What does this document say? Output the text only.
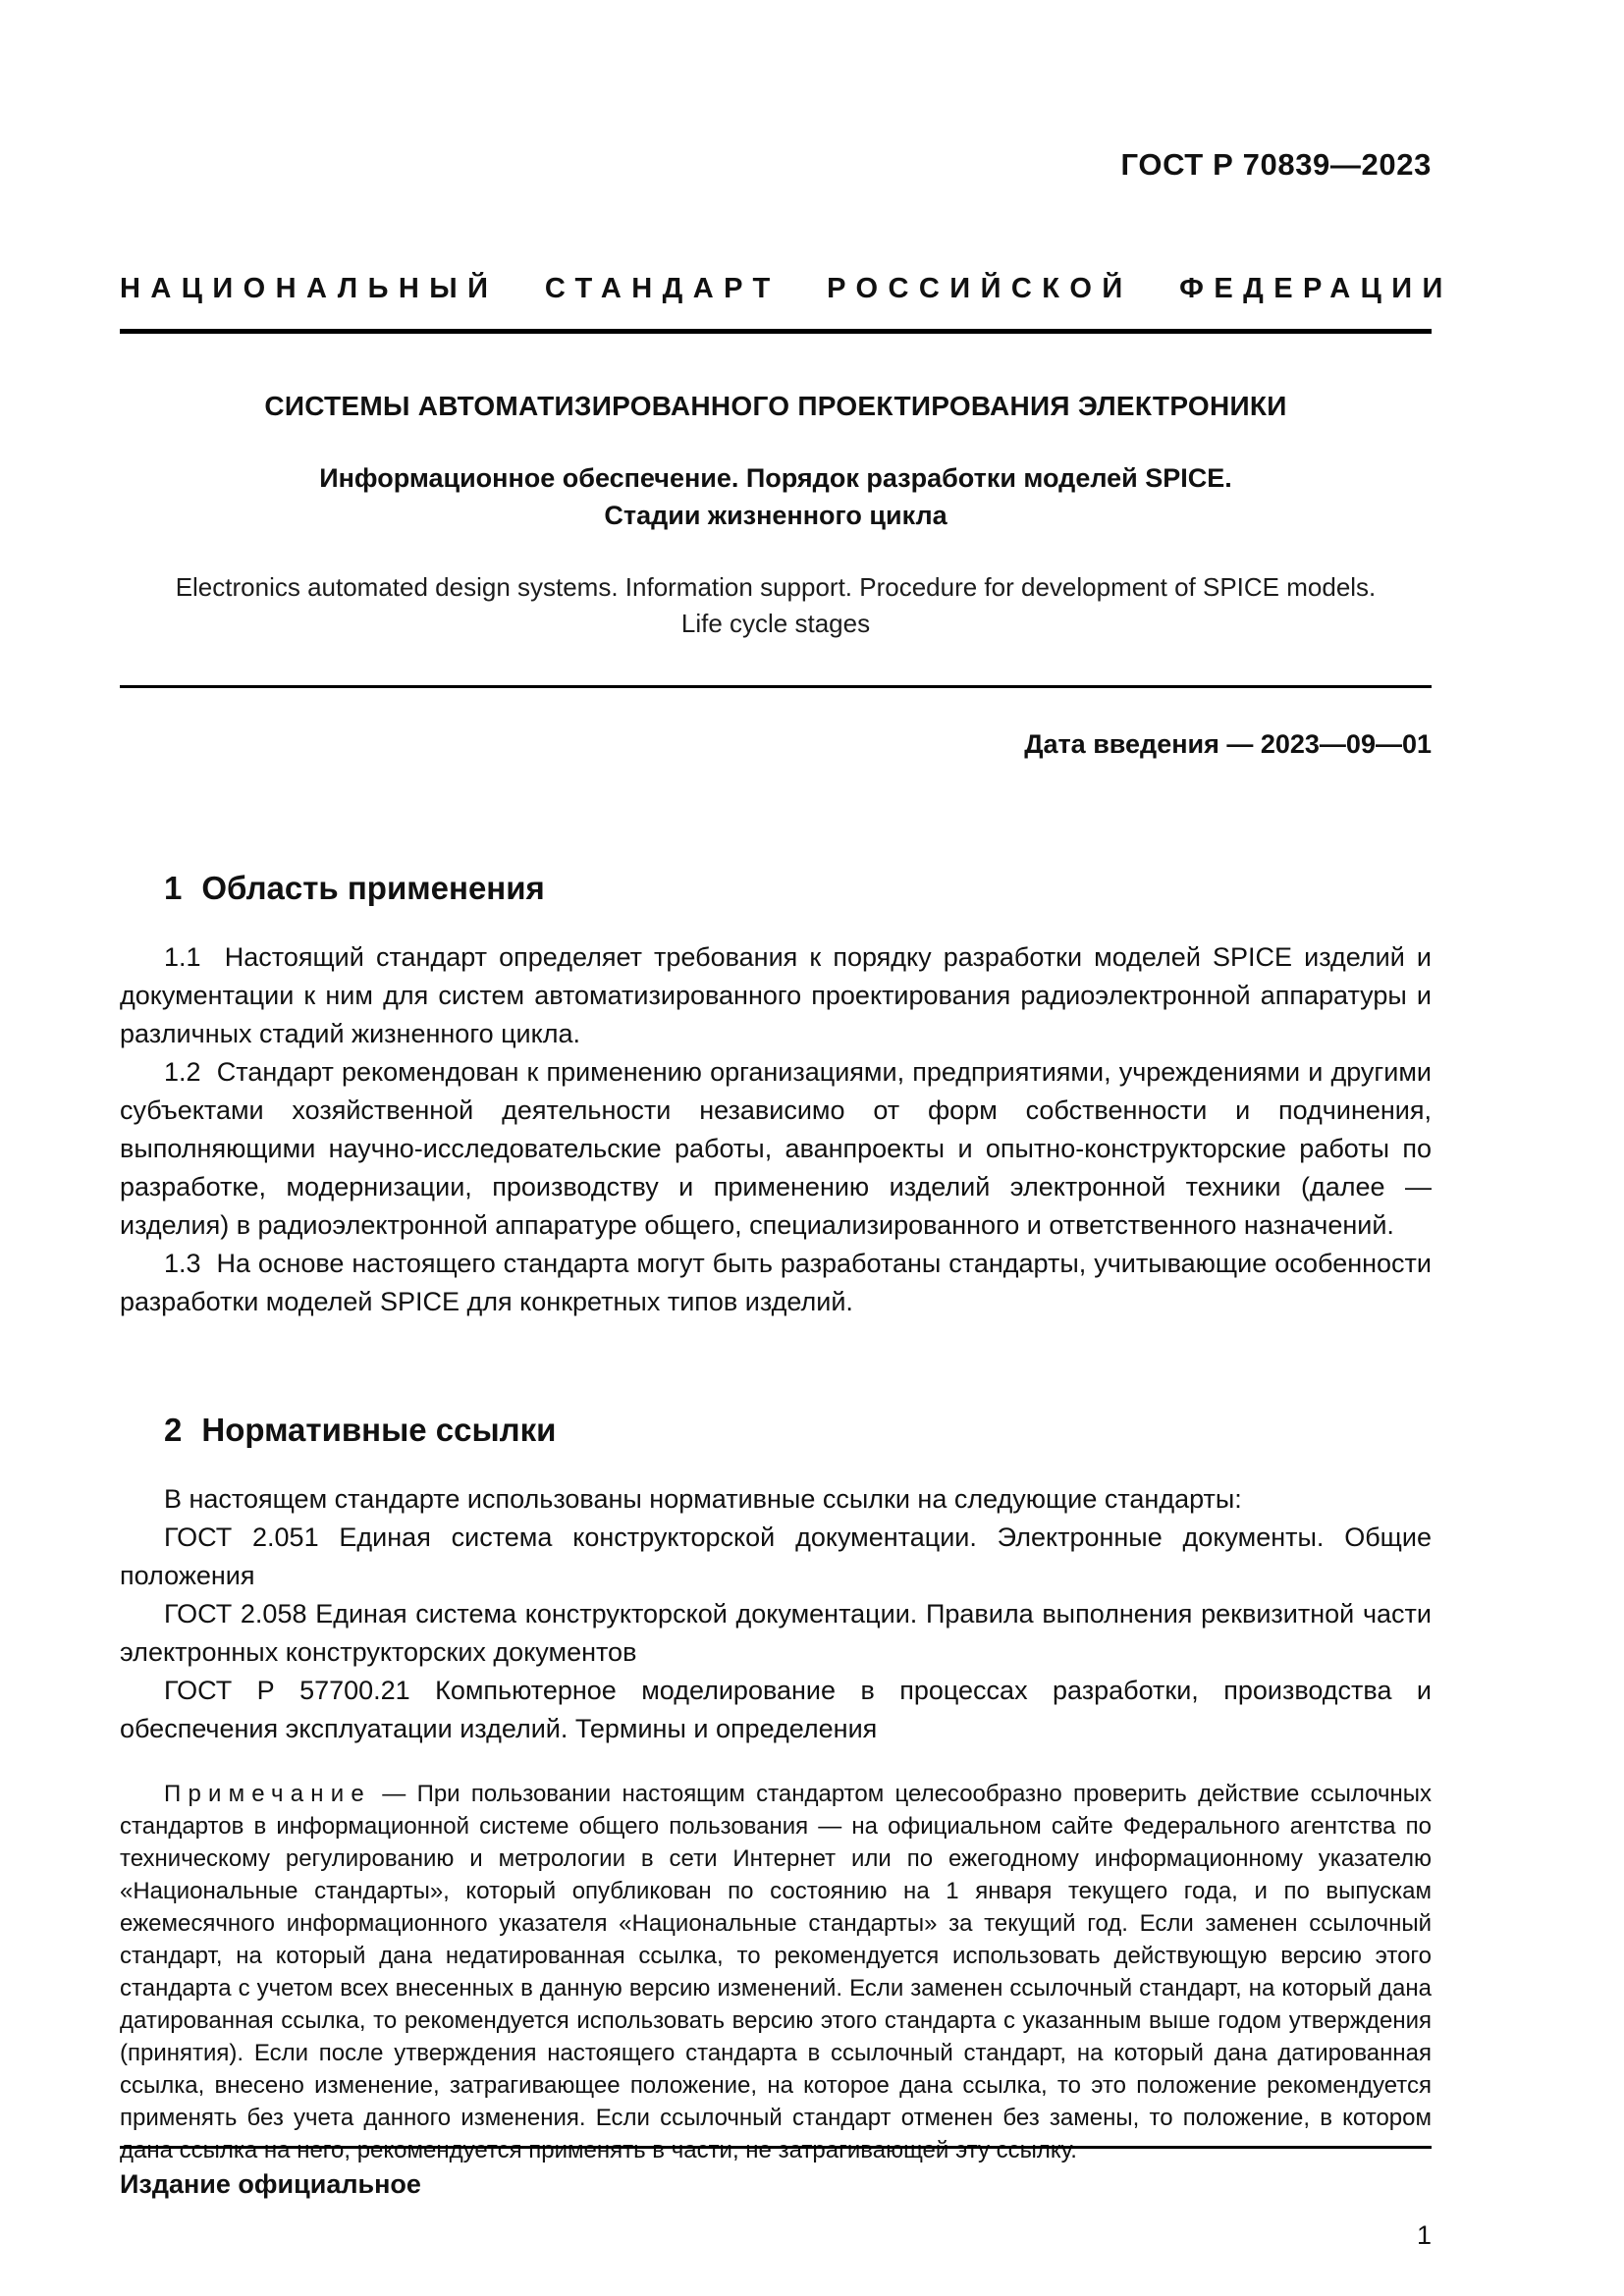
ГОСТ Р 70839—2023
НАЦИОНАЛЬНЫЙ СТАНДАРТ РОССИЙСКОЙ ФЕДЕРАЦИИ
СИСТЕМЫ АВТОМАТИЗИРОВАННОГО ПРОЕКТИРОВАНИЯ ЭЛЕКТРОНИКИ
Информационное обеспечение. Порядок разработки моделей SPICE.
Стадии жизненного цикла
Electronics automated design systems. Information support. Procedure for development of SPICE models.
Life cycle stages
Дата введения — 2023—09—01
1 Область применения

1.1  Настоящий стандарт определяет требования к порядку разработки моделей SPICE изделий и документации к ним для систем автоматизированного проектирования радиоэлектронной аппаратуры и различных стадий жизненного цикла.

1.2  Стандарт рекомендован к применению организациями, предприятиями, учреждениями и другими субъектами хозяйственной деятельности независимо от форм собственности и подчинения, выполняющими научно-исследовательские работы, аванпроекты и опытно-конструкторские работы по разработке, модернизации, производству и применению изделий электронной техники (далее — изделия) в радиоэлектронной аппаратуре общего, специализированного и ответственного назначений.

1.3  На основе настоящего стандарта могут быть разработаны стандарты, учитывающие особенности разработки моделей SPICE для конкретных типов изделий.

2 Нормативные ссылки

В настоящем стандарте использованы нормативные ссылки на следующие стандарты:

ГОСТ 2.051 Единая система конструкторской документации. Электронные документы. Общие положения

ГОСТ 2.058 Единая система конструкторской документации. Правила выполнения реквизитной части электронных конструкторских документов

ГОСТ Р 57700.21 Компьютерное моделирование в процессах разработки, производства и обеспечения эксплуатации изделий. Термины и определения

Примечание — При пользовании настоящим стандартом целесообразно проверить действие ссылочных стандартов в информационной системе общего пользования — на официальном сайте Федерального агентства по техническому регулированию и метрологии в сети Интернет или по ежегодному информационному указателю «Национальные стандарты», который опубликован по состоянию на 1 января текущего года, и по выпускам ежемесячного информационного указателя «Национальные стандарты» за текущий год. Если заменен ссылочный стандарт, на который дана недатированная ссылка, то рекомендуется использовать действующую версию этого стандарта с учетом всех внесенных в данную версию изменений. Если заменен ссылочный стандарт, на который дана датированная ссылка, то рекомендуется использовать версию этого стандарта с указанным выше годом утверждения (принятия). Если после утверждения настоящего стандарта в ссылочный стандарт, на который дана датированная ссылка, внесено изменение, затрагивающее положение, на которое дана ссылка, то это положение рекомендуется применять без учета данного изменения. Если ссылочный стандарт отменен без замены, то положение, в котором дана ссылка на него, рекомендуется применять в части, не затрагивающей эту ссылку.

Издание официальное
1
